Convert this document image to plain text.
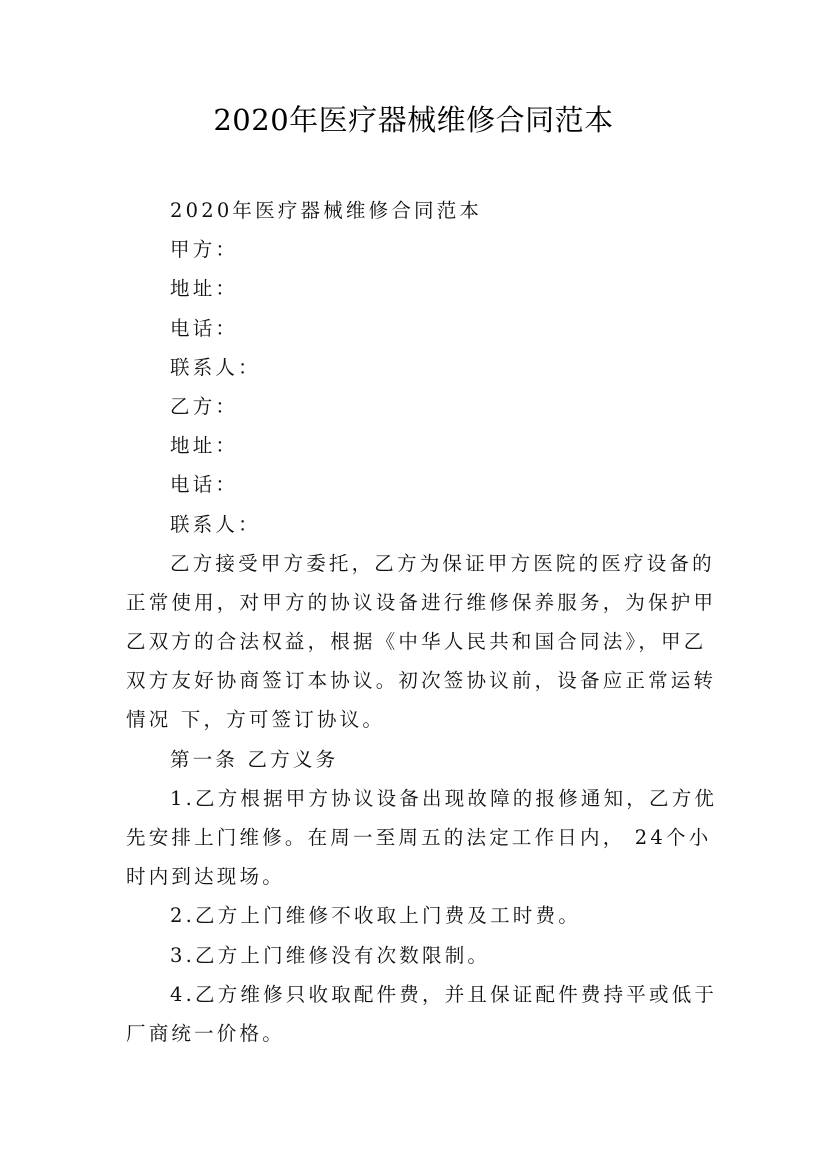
2020年医疗器械维修合同范本
2020年医疗器械维修合同范本
甲方：
地址：
电话：
联系人：
乙方：
地址：
电话：
联系人：
乙方接受甲方委托，乙方为保证甲方医院的医疗设备的
正常使用，对甲方的协议设备进行维修保养服务，为保护甲
乙双方的合法权益，根据《中华人民共和国合同法》，甲乙
双方友好协商签订本协议。初次签协议前，设备应正常运转
情况 下，方可签订协议。
第一条 乙方义务
1.乙方根据甲方协议设备出现故障的报修通知，乙方优
先安排上门维修。在周一至周五的法定工作日内， 24个小
时内到达现场。
2.乙方上门维修不收取上门费及工时费。
3.乙方上门维修没有次数限制。
4.乙方维修只收取配件费，并且保证配件费持平或低于
厂商统一价格。
